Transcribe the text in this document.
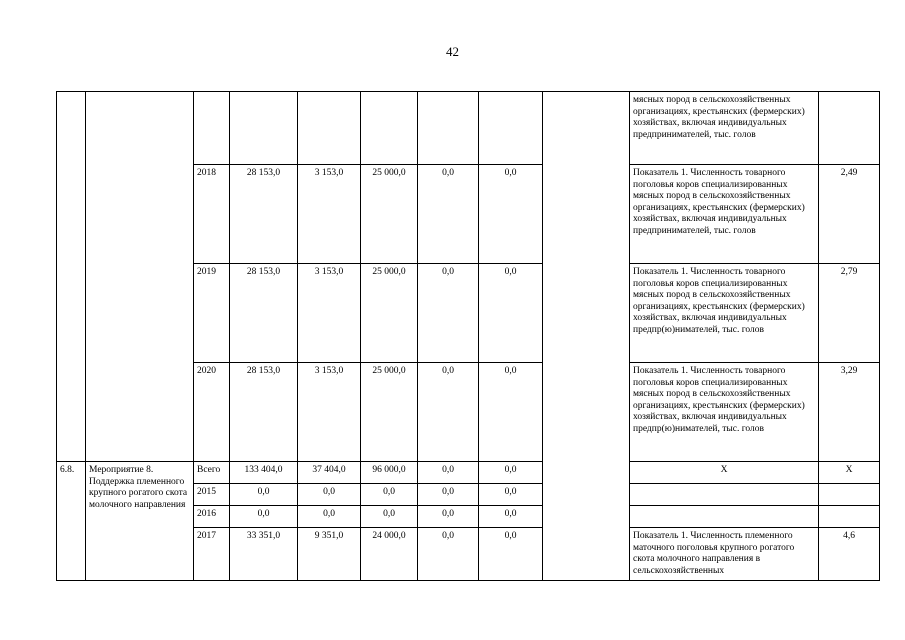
42
									мясных пород в сельскохозяйственных организациях, крестьянских (фермерских) хозяйствах, включая индивидуальных предпринимателей, тыс. голов	
		2018	28 153,0	3 153,0	25 000,0	0,0	0,0		Показатель 1. Численность товарного поголовья коров специализированных мясных пород в сельскохозяйственных организациях, крестьянских (фермерских) хозяйствах, включая индивидуальных предпринимателей, тыс. голов	2,49
		2019	28 153,0	3 153,0	25 000,0	0,0	0,0		Показатель 1. Численность товарного поголовья коров специализированных мясных пород в сельскохозяйственных организациях, крестьянских (фермерских) хозяйствах, включая индивидуальных предпр(ю)нимателей, тыс. голов	2,79
		2020	28 153,0	3 153,0	25 000,0	0,0	0,0		Показатель 1. Численность товарного поголовья коров специализированных мясных пород в сельскохозяйственных организациях, крестьянских (фермерских) хозяйствах, включая индивидуальных предпр(ю)нимателей, тыс. голов	3,29
6.8.	Мероприятие 8. Поддержка племенного крупного рогатого скота молочного направления	Всего	133 404,0	37 404,0	96 000,0	0,0	0,0		X	X
		2015	0,0	0,0	0,0	0,0	0,0			
		2016	0,0	0,0	0,0	0,0	0,0			
		2017	33 351,0	9 351,0	24 000,0	0,0	0,0		Показатель 1. Численность племенного маточного поголовья крупного рогатого скота молочного направления в сельскохозяйственных	4,6
